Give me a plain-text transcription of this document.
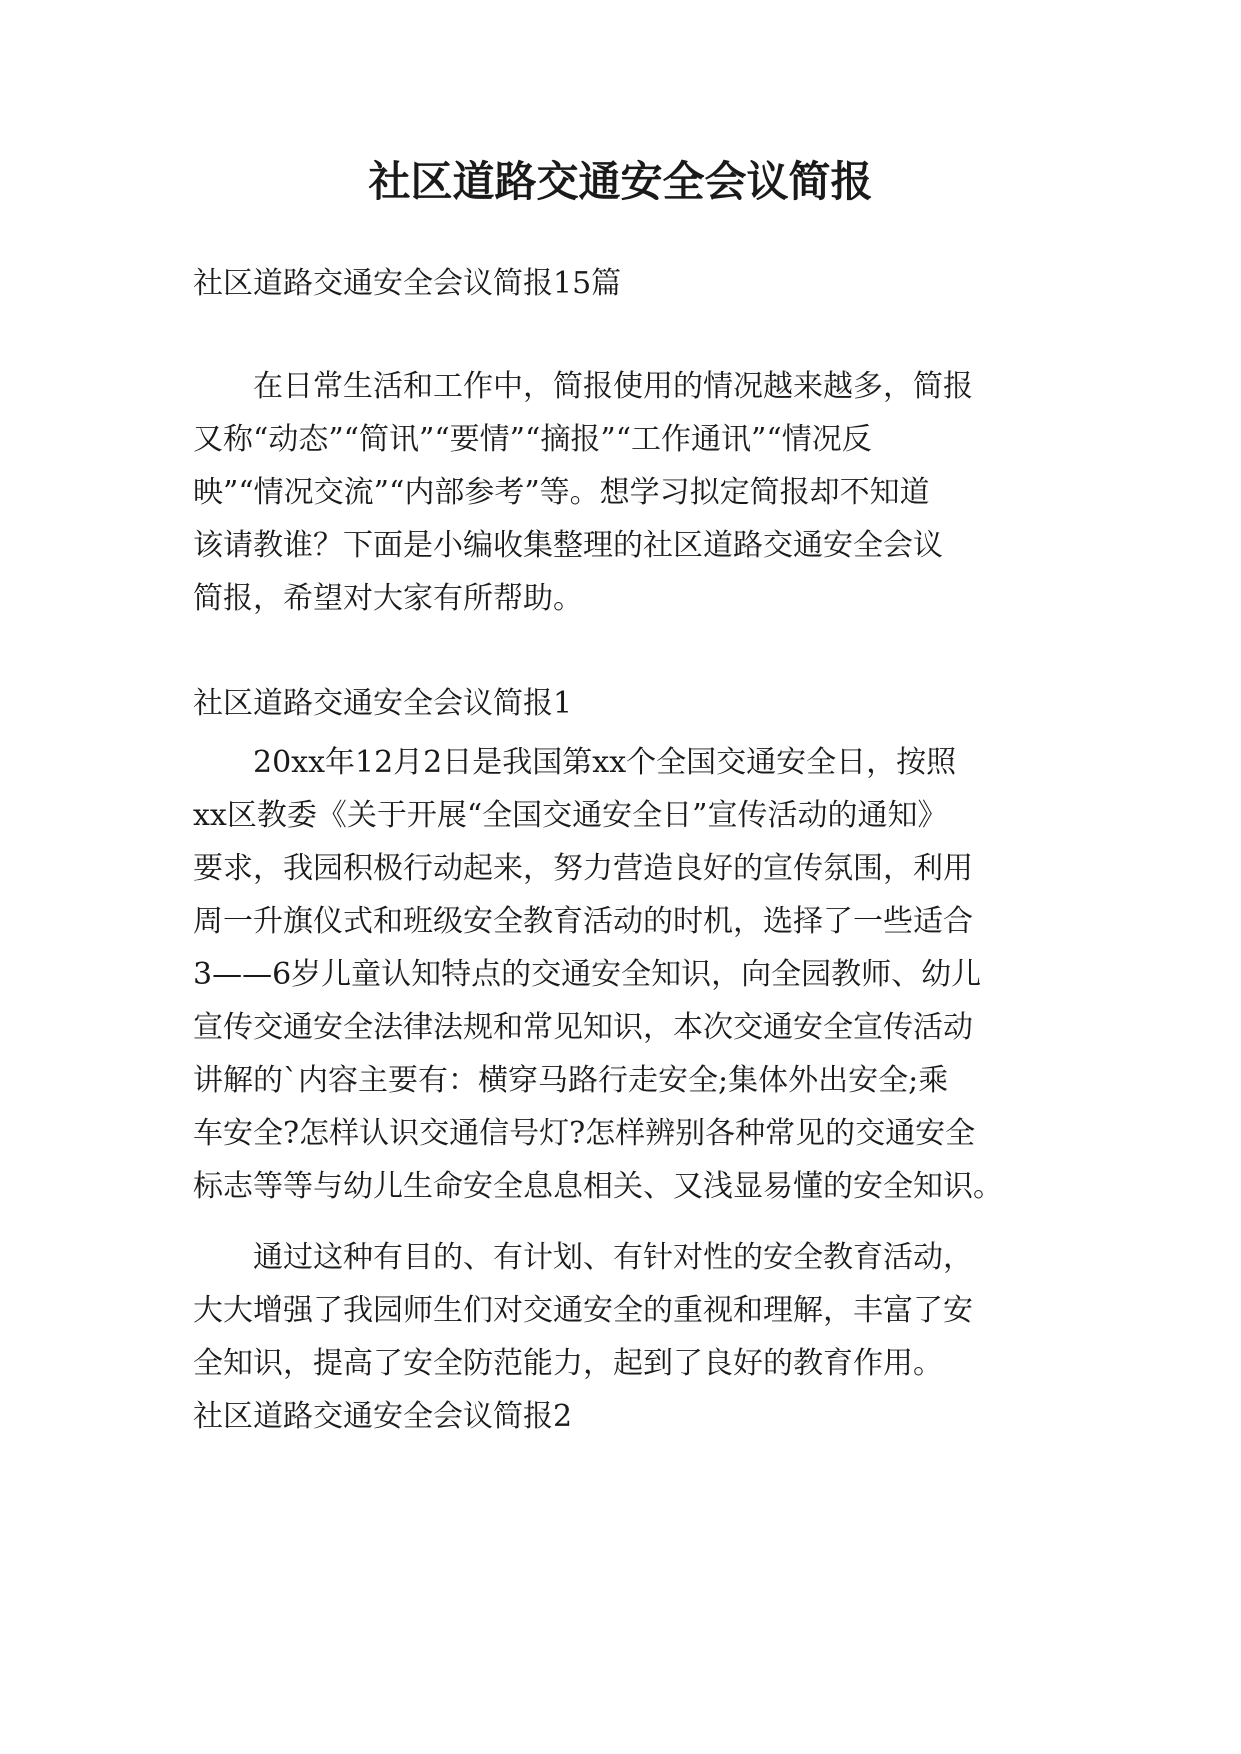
社区道路交通安全会议简报

社区道路交通安全会议简报15篇

在日常生活和工作中，简报使用的情况越来越多，简报

又称“动态”“简讯”“要情”“摘报”“工作通讯”“情况反

映”“情况交流”“内部参考”等。想学习拟定简报却不知道

该请教谁？下面是小编收集整理的社区道路交通安全会议

简报，希望对大家有所帮助。

社区道路交通安全会议简报1

20xx年12月2日是我国第xx个全国交通安全日，按照

xx区教委《关于开展“全国交通安全日”宣传活动的通知》

要求，我园积极行动起来，努力营造良好的宣传氛围，利用

周一升旗仪式和班级安全教育活动的时机，选择了一些适合

3——6岁儿童认知特点的交通安全知识，向全园教师、幼儿

宣传交通安全法律法规和常见知识，本次交通安全宣传活动

讲解的`内容主要有：横穿马路行走安全;集体外出安全;乘

车安全?怎样认识交通信号灯?怎样辨别各种常见的交通安全

标志等等与幼儿生命安全息息相关、又浅显易懂的安全知识。

通过这种有目的、有计划、有针对性的安全教育活动，

大大增强了我园师生们对交通安全的重视和理解，丰富了安

全知识，提高了安全防范能力，起到了良好的教育作用。

社区道路交通安全会议简报2
